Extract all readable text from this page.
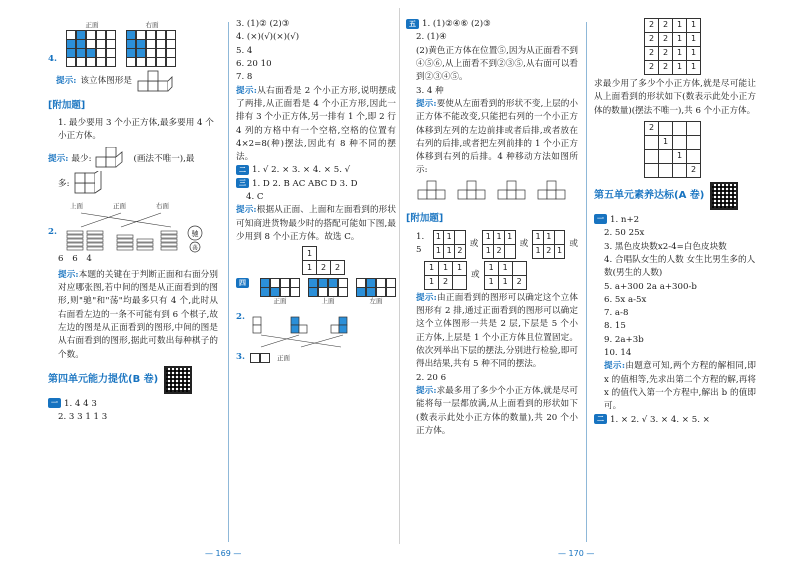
4.
正面	右面
提示: 该立体图形是
[附加题]
1. 最少要用 3 个小正方体,最多要用 4 个小正方体。
提示: 最少:	(画法不唯一),最
多:
上面	正面	右面
2.	驰
荡
6 6 4

提示:本题的关键在于判断正面和右面分别对应哪张图,若中间的图是从正面看到的图形,则"驰"和"荡"均最多只有 4 个,此时从右面看左边的一条不可能有到 6 个棋子,故左边的图是从正面看到的图形,中间的图是从右面看到的图形,据此可数出每种棋子的个数。

第四单元能力提优(B 卷)
一 1. 4 4 3
2. 3 3 1 1 3
3. (1)② (2)③
4. (×)(√)(×)(√)
5. 4
6. 20 10
7. 8

提示:从右面看是 2 个小正方形,说明摆成了两排,从正面看是 4 个小正方形,因此一排有 3 个小正方体,另一排有 1 个,即 2 行 4 列的方格中有一个空格,空格的位置有 4×2=8(种)摆法,因此有 8 种不同的摆法。

二 1. √ 2. × 3. × 4. × 5. √
三 1. D 2. B AC ABC D 3. D
4. C

提示:根据从正面、上面和左面看到的形状可知商进货物最少时的搭配可能如下图,最少用到 8 个小正方体。故选 C。

1		
1	2	2
四
正面	上面	左面
2.
3.	正面
— 169 —
五 1. (1)②④⑥ (2)③
2. (1)④

(2)黄色正方体在位置⑤,因为从正面看不到④⑤⑥,从上面看不到②③⑤,从右面可以看到②③④⑤。

3. 4 种

提示:要使从左面看到的形状不变,上层的小正方体不能改变,只能把右列的一个小正方体移到左列的左边前排或者后排,或者放在右列的后排,或者把左列前排的 1 个小正方体移到右列的后排。4 种移动方法如图所示:

[附加题]
1. 5
1	1	
1	1	2
或
1	1	1
1	2	
或
1	1	
1	2	1
或
1	1	1
1	2	
或
1	1	
1	1	2

提示:由正面看到的图形可以确定这个立体图形有 2 排,通过正面看到的图形可以确定这个立体图形一共是 2 层,下层是 5 个小正方体,上层是 1 个小正方体且位置固定。依次列举出下层的摆法,分别进行检验,即可得出结果,共有 5 种不同的摆法。

2. 20 6

提示:求最多用了多少个小正方体,就是尽可能将每一层都放满,从上面看到的形状如下(数表示此处小正方体的数量),共 20 个小正方体。

— 170 —
2	2	1	1
2	2	1	1
2	2	1	1
2	2	1	1

求最少用了多少个小正方体,就是尽可能让从上面看到的形状如下(数表示此处小正方体的数量)(摆法不唯一),共 6 个小正方体。

2			
	1		
		1	
			2
第五单元素养达标(A 卷)
一 1. n+2
2. 50 25x
3. 黑色皮块数x2-4=白色皮块数
4. 合唱队女生的人数 女生比男生多的人数(男生的人数)
5. a+300 2a a+300-b
6. 5x a-5x
7. a-8
8. 15
9. 2a+3b
10. 14

提示:由题意可知,两个方程的解相同,即 x 的值相等,先求出第二个方程的解,再将 x 的值代入第一个方程中,解出 b 的值即可。

二 1. × 2. √ 3. × 4. × 5. ×
